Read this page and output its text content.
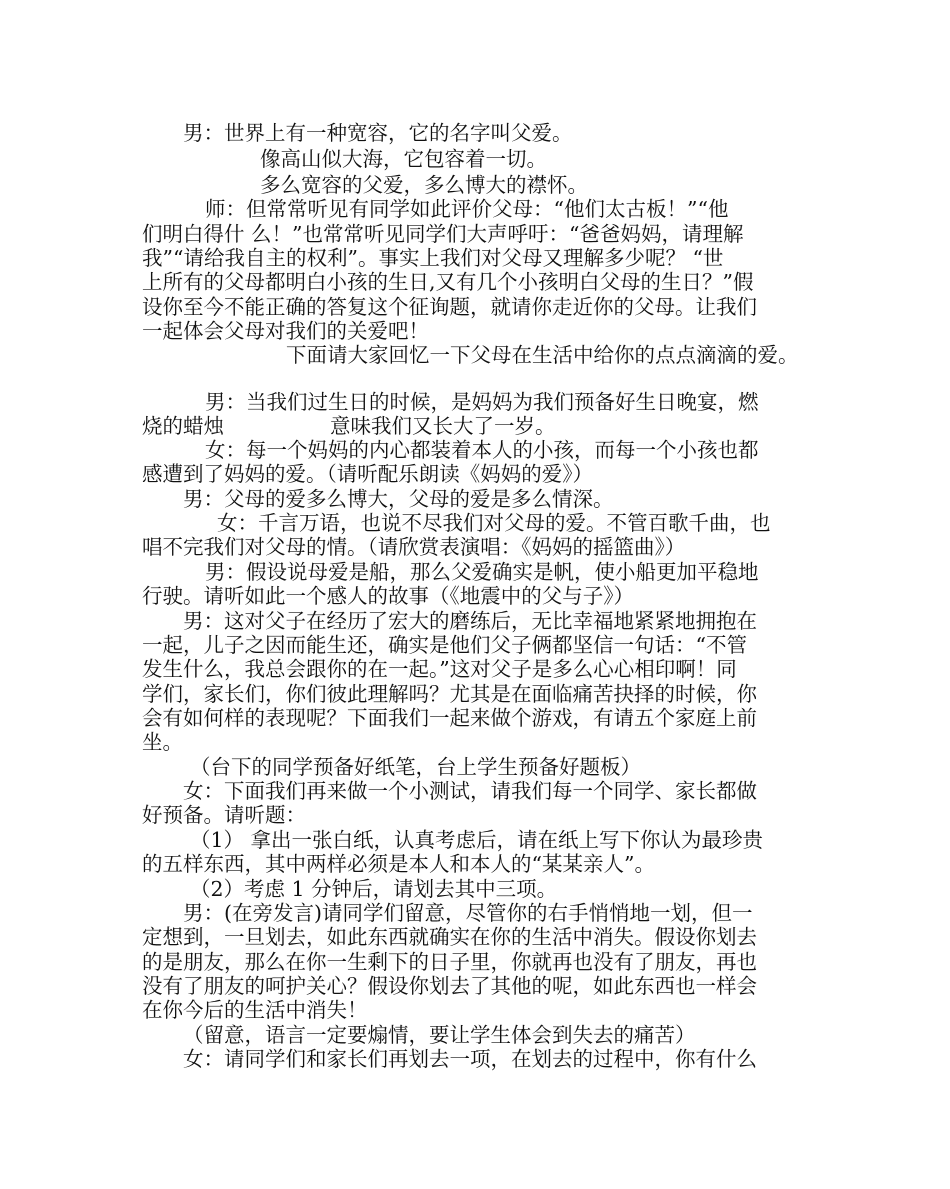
男：世界上有一种宽容，它的名字叫父爱。
像高山似大海，它包容着一切。
多么宽容的父爱，多么博大的襟怀。
师：但常常听见有同学如此评价父母：“他们太古板！”“他
们明白得什 么！”也常常听见同学们大声呼吁：“爸爸妈妈，请理解
我”“请给我自主的权利”。事实上我们对父母又理解多少呢？ “世
上所有的父母都明白小孩的生日,又有几个小孩明白父母的生日？”假
设你至今不能正确的答复这个征询题，就请你走近你的父母。让我们
一起体会父母对我们的关爱吧！
下面请大家回忆一下父母在生活中给你的点点滴滴的爱。
男：当我们过生日的时候，是妈妈为我们预备好生日晚宴，燃
烧的蜡烛	意味我们又长大了一岁。
女：每一个妈妈的内心都装着本人的小孩，而每一个小孩也都
感遭到了妈妈的爱。（请听配乐朗读《妈妈的爱》）
男：父母的爱多么博大，父母的爱是多么情深。
女：千言万语，也说不尽我们对父母的爱。不管百歌千曲，也
唱不完我们对父母的情。（请欣赏表演唱：《妈妈的摇篮曲》）
男：假设说母爱是船，那么父爱确实是帆，使小船更加平稳地
行驶。请听如此一个感人的故事（《地震中的父与子》）
男：这对父子在经历了宏大的磨练后，无比幸福地紧紧地拥抱在
一起，儿子之因而能生还，确实是他们父子俩都坚信一句话：“不管
发生什么，我总会跟你的在一起。”这对父子是多么心心相印啊！同
学们，家长们，你们彼此理解吗？尤其是在面临痛苦抉择的时候，你
会有如何样的表现呢？下面我们一起来做个游戏，有请五个家庭上前
坐。
（台下的同学预备好纸笔，台上学生预备好题板）
女：下面我们再来做一个小测试，请我们每一个同学、家长都做
好预备。请听题：
（1） 拿出一张白纸，认真考虑后，请在纸上写下你认为最珍贵
的五样东西，其中两样必须是本人和本人的“某某亲人”。
（2）考虑 1 分钟后，请划去其中三项。
男：(在旁发言)请同学们留意，尽管你的右手悄悄地一划，但一
定想到，一旦划去，如此东西就确实在你的生活中消失。假设你划去
的是朋友，那么在你一生剩下的日子里，你就再也没有了朋友，再也
没有了朋友的呵护关心？假设你划去了其他的呢，如此东西也一样会
在你今后的生活中消失！
（留意，语言一定要煽情，要让学生体会到失去的痛苦）
女：请同学们和家长们再划去一项，在划去的过程中，你有什么
